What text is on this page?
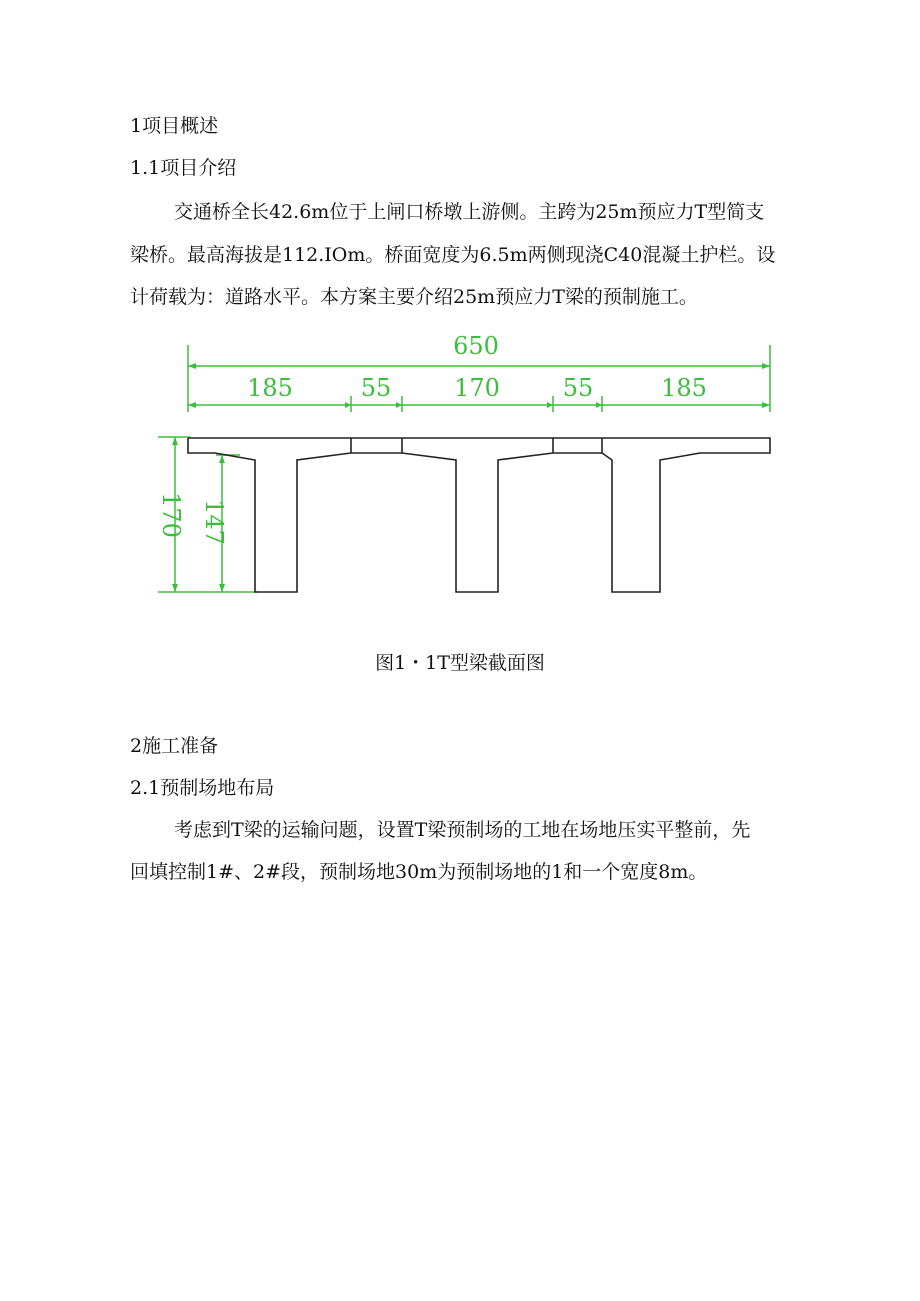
1项目概述
1.1项目介绍
交通桥全长42.6m位于上闸口桥墩上游侧。主跨为25m预应力T型简支
梁桥。最高海拔是112.IOm。桥面宽度为6.5m两侧现浇C40混凝土护栏。设
计荷载为：道路水平。本方案主要介绍25m预应力T梁的预制施工。
650
185	55	170	55	185
170 147
图1・1T型梁截面图
2施工准备
2.1预制场地布局
考虑到T梁的运输问题，设置T梁预制场的工地在场地压实平整前，先
回填控制1#、2#段，预制场地30m为预制场地的1和一个宽度8m。
